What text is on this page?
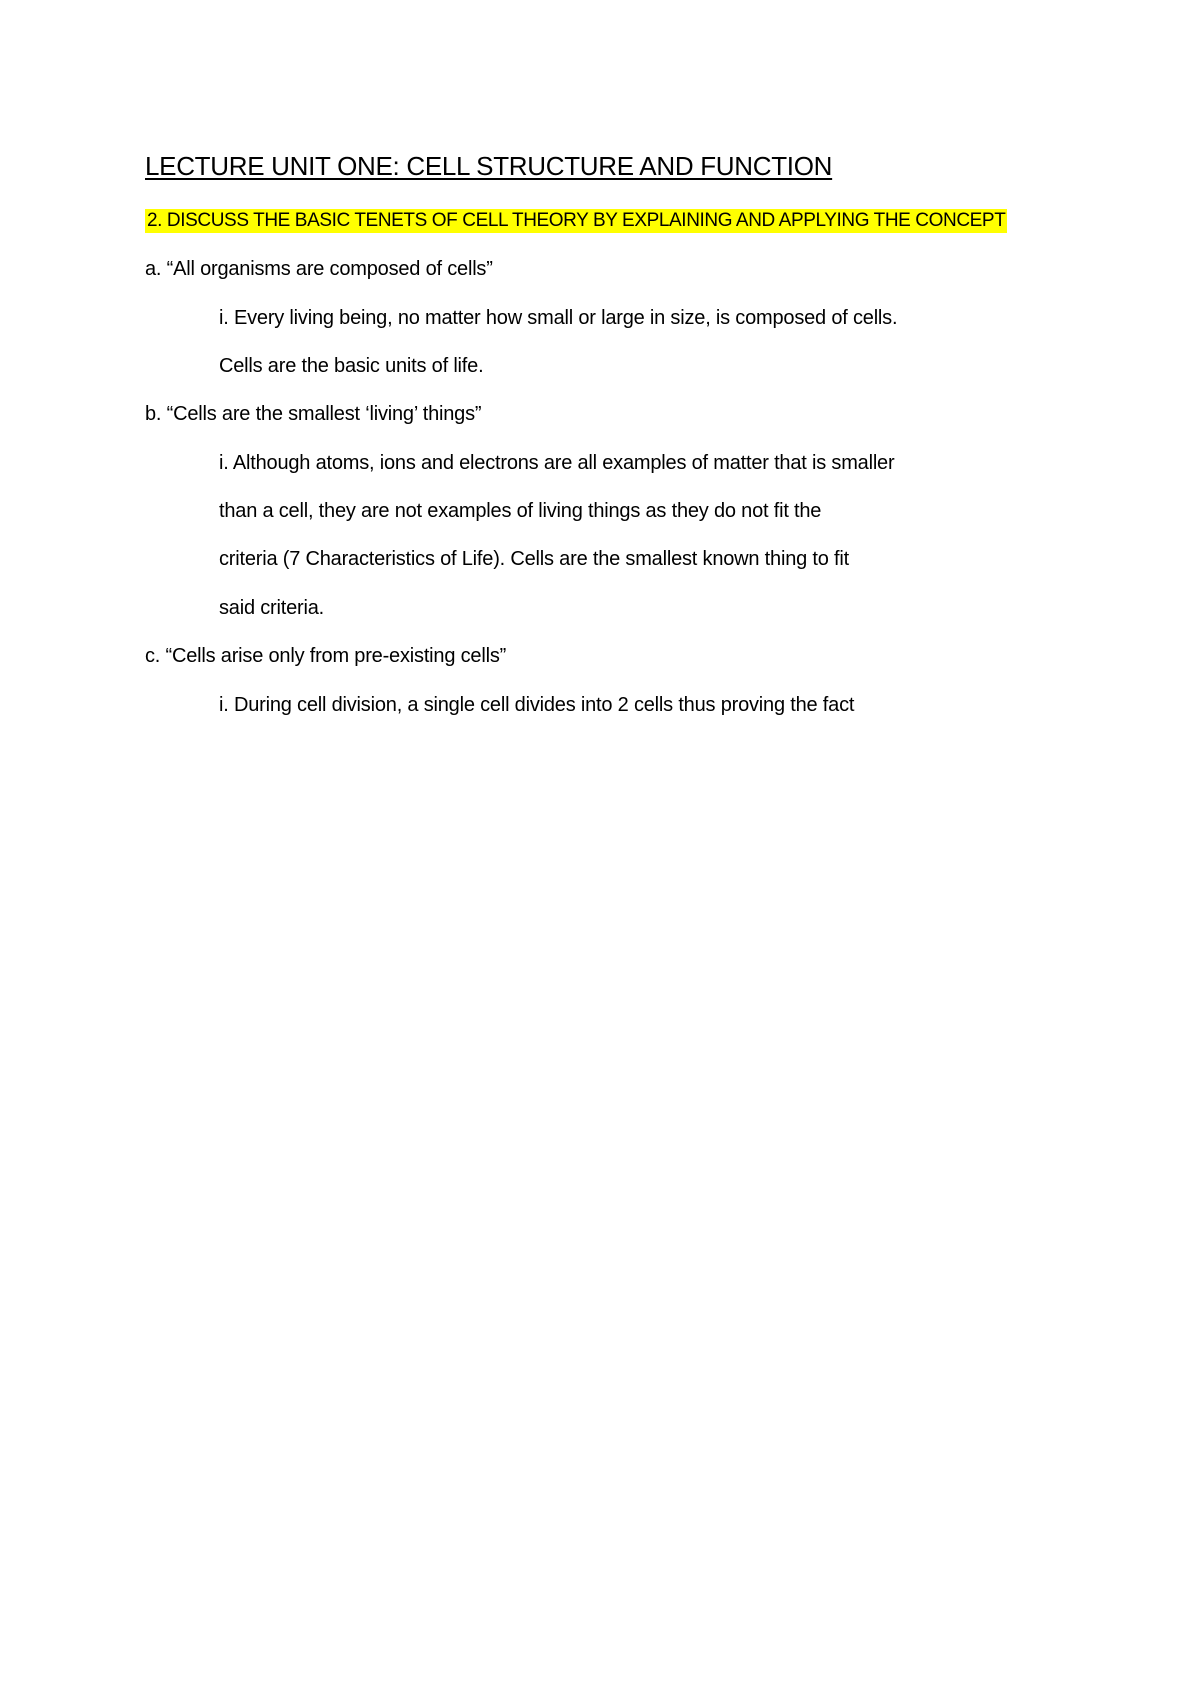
LECTURE UNIT ONE: CELL STRUCTURE AND FUNCTION
2. DISCUSS THE BASIC TENETS OF CELL THEORY BY EXPLAINING AND APPLYING THE CONCEPT
a. “All organisms are composed of cells”
i. Every living being, no matter how small or large in size, is composed of cells.
Cells are the basic units of life.
b. “Cells are the smallest ‘living’ things”
i. Although atoms, ions and electrons are all examples of matter that is smaller
than a cell, they are not examples of living things as they do not fit the
criteria (7 Characteristics of Life). Cells are the smallest known thing to fit
said criteria.
c. “Cells arise only from pre-existing cells”
i. During cell division, a single cell divides into 2 cells thus proving the fact
